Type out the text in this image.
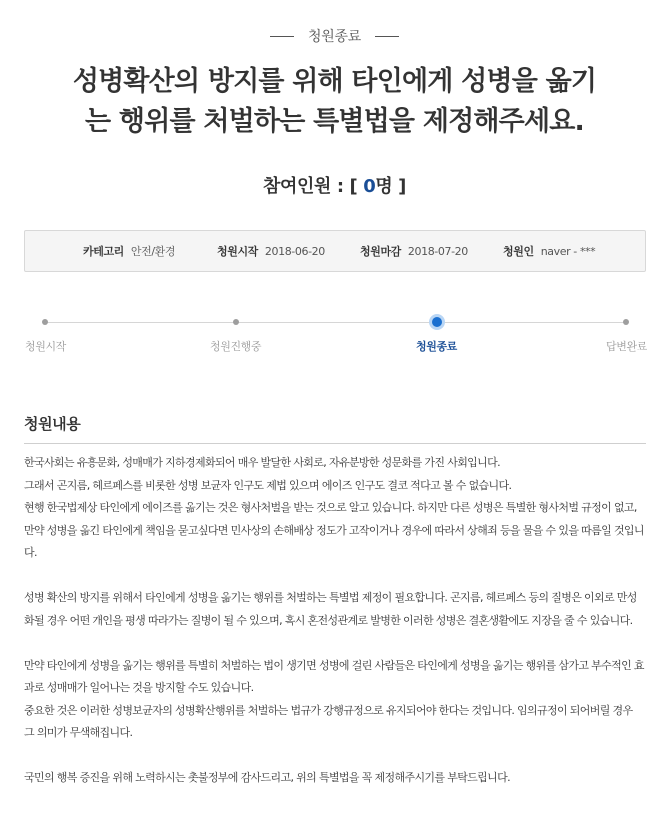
청원종료
성병확산의 방지를 위해 타인에게 성병을 옮기
는 행위를 처벌하는 특별법을 제정해주세요.
참여인원 : [ 0명 ]
카테고리 안전/환경	청원시작 2018-06-20	청원마감 2018-07-20	청원인 naver - ***
청원시작	청원진행중	청원종료	답변완료
청원내용
한국사회는 유흥문화, 성매매가 지하경제화되어 매우 발달한 사회로, 자유분방한 성문화를 가진 사회입니다.
그래서 곤지름, 헤르페스를 비롯한 성병 보균자 인구도 제법 있으며 에이즈 인구도 결코 적다고 볼 수 없습니다.
현행 한국법제상 타인에게 에이즈를 옮기는 것은 형사처벌을 받는 것으로 알고 있습니다. 하지만 다른 성병은 특별한 형사처벌 규정이 없고,
만약 성병을 옮긴 타인에게 책임을 묻고싶다면 민사상의 손해배상 정도가 고작이거나 경우에 따라서 상해죄 등을 물을 수 있을 따름일 것입니
다.
성병 확산의 방지를 위해서 타인에게 성병을 옮기는 행위를 처벌하는 특별법 제정이 필요합니다. 곤지름, 헤르페스 등의 질병은 이외로 만성
화될 경우 어떤 개인을 평생 따라가는 질병이 될 수 있으며, 혹시 혼전성관계로 발병한 이러한 성병은 결혼생활에도 지장을 줄 수 있습니다.
만약 타인에게 성병을 옮기는 행위를 특별히 처벌하는 법이 생기면 성병에 걸린 사람들은 타인에게 성병을 옮기는 행위를 삼가고 부수적인 효
과로 성매매가 일어나는 것을 방지할 수도 있습니다.
중요한 것은 이러한 성병보균자의 성병확산행위를 처벌하는 법규가 강행규정으로 유지되어야 한다는 것입니다. 임의규정이 되어버릴 경우
그 의미가 무색해집니다.
국민의 행복 증진을 위해 노력하시는 촛불정부에 감사드리고, 위의 특별법을 꼭 제정해주시기를 부탁드립니다.
